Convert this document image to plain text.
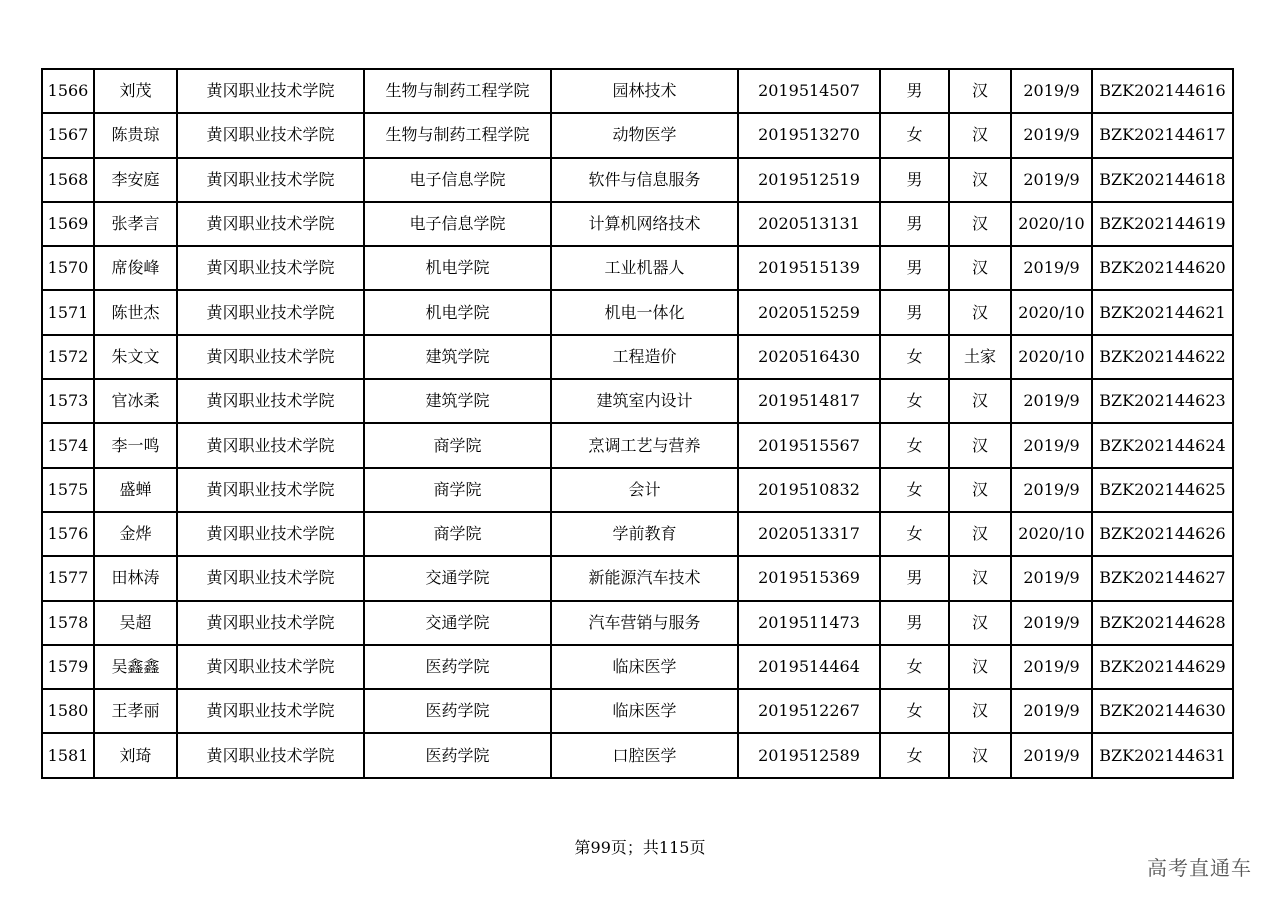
1566	刘茂	黄冈职业技术学院	生物与制药工程学院	园林技术	2019514507	男	汉	2019/9	BZK202144616
1567	陈贵琼	黄冈职业技术学院	生物与制药工程学院	动物医学	2019513270	女	汉	2019/9	BZK202144617
1568	李安庭	黄冈职业技术学院	电子信息学院	软件与信息服务	2019512519	男	汉	2019/9	BZK202144618
1569	张孝言	黄冈职业技术学院	电子信息学院	计算机网络技术	2020513131	男	汉	2020/10	BZK202144619
1570	席俊峰	黄冈职业技术学院	机电学院	工业机器人	2019515139	男	汉	2019/9	BZK202144620
1571	陈世杰	黄冈职业技术学院	机电学院	机电一体化	2020515259	男	汉	2020/10	BZK202144621
1572	朱文文	黄冈职业技术学院	建筑学院	工程造价	2020516430	女	土家	2020/10	BZK202144622
1573	官冰柔	黄冈职业技术学院	建筑学院	建筑室内设计	2019514817	女	汉	2019/9	BZK202144623
1574	李一鸣	黄冈职业技术学院	商学院	烹调工艺与营养	2019515567	女	汉	2019/9	BZK202144624
1575	盛蝉	黄冈职业技术学院	商学院	会计	2019510832	女	汉	2019/9	BZK202144625
1576	金烨	黄冈职业技术学院	商学院	学前教育	2020513317	女	汉	2020/10	BZK202144626
1577	田林涛	黄冈职业技术学院	交通学院	新能源汽车技术	2019515369	男	汉	2019/9	BZK202144627
1578	吴超	黄冈职业技术学院	交通学院	汽车营销与服务	2019511473	男	汉	2019/9	BZK202144628
1579	吴鑫鑫	黄冈职业技术学院	医药学院	临床医学	2019514464	女	汉	2019/9	BZK202144629
1580	王孝丽	黄冈职业技术学院	医药学院	临床医学	2019512267	女	汉	2019/9	BZK202144630
1581	刘琦	黄冈职业技术学院	医药学院	口腔医学	2019512589	女	汉	2019/9	BZK202144631
第99页；共115页
高考直通车
